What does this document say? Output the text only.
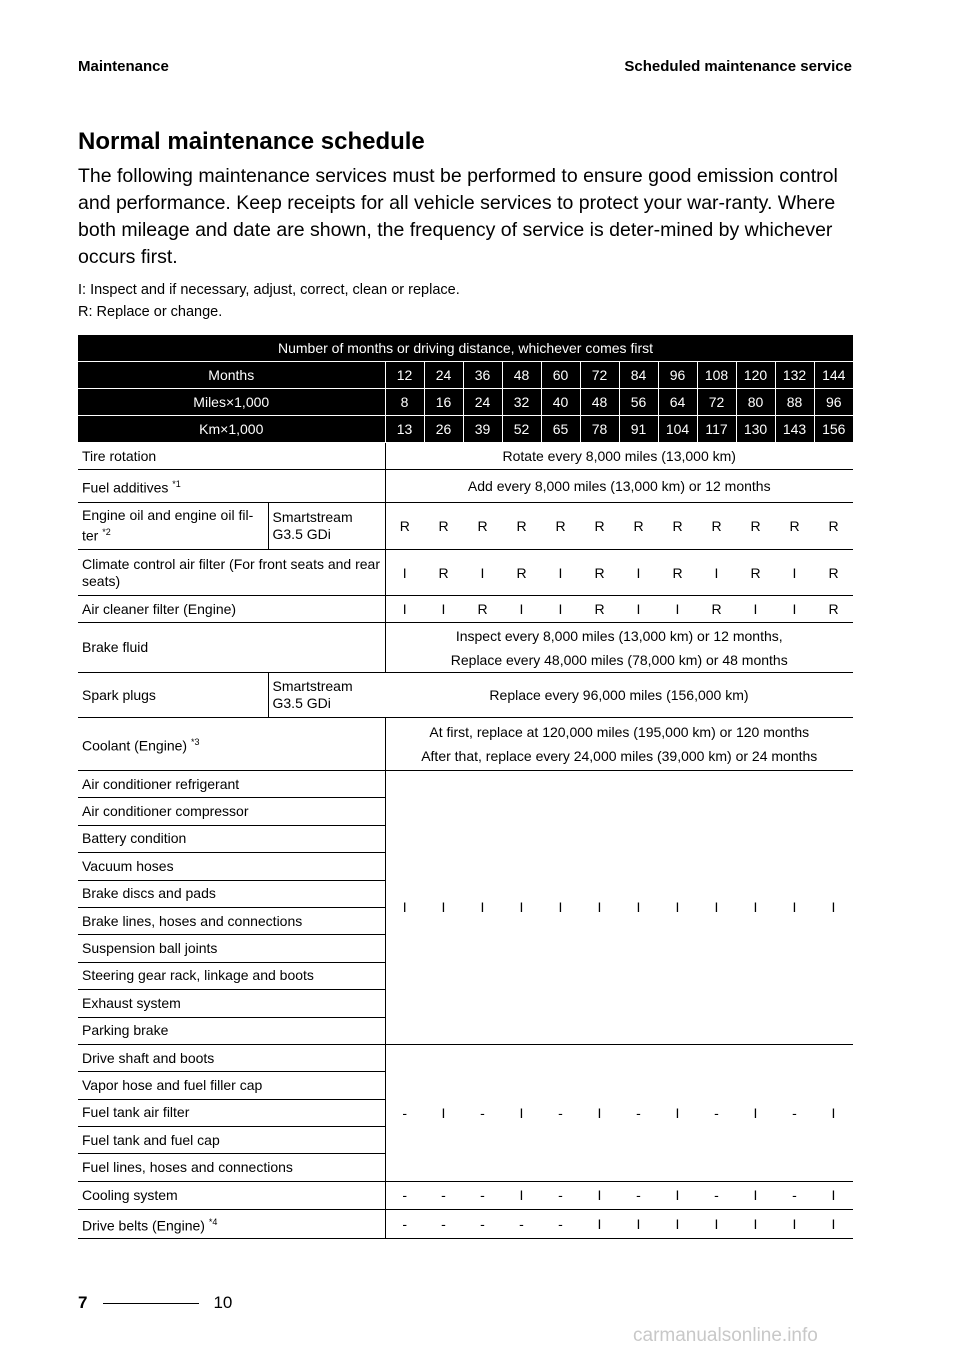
Maintenance	Scheduled maintenance service
Normal maintenance schedule

The following maintenance services must be performed to ensure good emission control and performance. Keep receipts for all vehicle services to protect your war-ranty. Where both mileage and date are shown, the frequency of service is deter-mined by whichever occurs first.

I: Inspect and if necessary, adjust, correct, clean or replace.

R: Replace or change.

Number of months or driving distance, whichever comes first													
Months		12	24	36	48	60	72	84	96	108	120	132	144
Miles×1,000		8	16	24	32	40	48	56	64	72	80	88	96
Km×1,000		13	26	39	52	65	78	91	104	117	130	143	156
Tire rotation		Rotate every 8,000 miles (13,000 km)											
Fuel additives $^{*1}$		Add every 8,000 miles (13,000 km) or 12 months											
Engine oil and engine oil fil-ter $^{*2}$	Smartstream G3.5 GDi	R	R	R	R	R	R	R	R	R	R	R	R
Climate control air filter (For front seats and rear seats)		I	R	I	R	I	R	I	R	I	R	I	R
Air cleaner filter (Engine)		I	I	R	I	I	R	I	I	R	I	I	R
Brake fluid		Inspect every 8,000 miles (13,000 km) or 12 months,
Replace every 48,000 miles (78,000 km) or 48 months											

Spark plugs	Smartstream G3.5 GDi	Replace every 96,000 miles (156,000 km)											
Coolant (Engine) $^{*3}$		At first, replace at 120,000 miles (195,000 km) or 120 months
After that, replace every 24,000 miles (39,000 km) or 24 months											

Air conditioner refrigerant		I	I	I	I	I	I	I	I	I	I	I	I
Air conditioner compressor													
Battery condition													
Vacuum hoses													
Brake discs and pads													
Brake lines, hoses and connections													
Suspension ball joints													
Steering gear rack, linkage and boots													
Exhaust system													
Parking brake													
Drive shaft and boots		-	I	-	I	-	I	-	I	-	I	-	I
Vapor hose and fuel filler cap													
Fuel tank air filter													
Fuel tank and fuel cap													
Fuel lines, hoses and connections													
Cooling system		-	-	-	I	-	I	-	I	-	I	-	I
Drive belts (Engine) $^{*4}$		-	-	-	-	-	I	I	I	I	I	I	I
7	10
carmanualsonline.info
